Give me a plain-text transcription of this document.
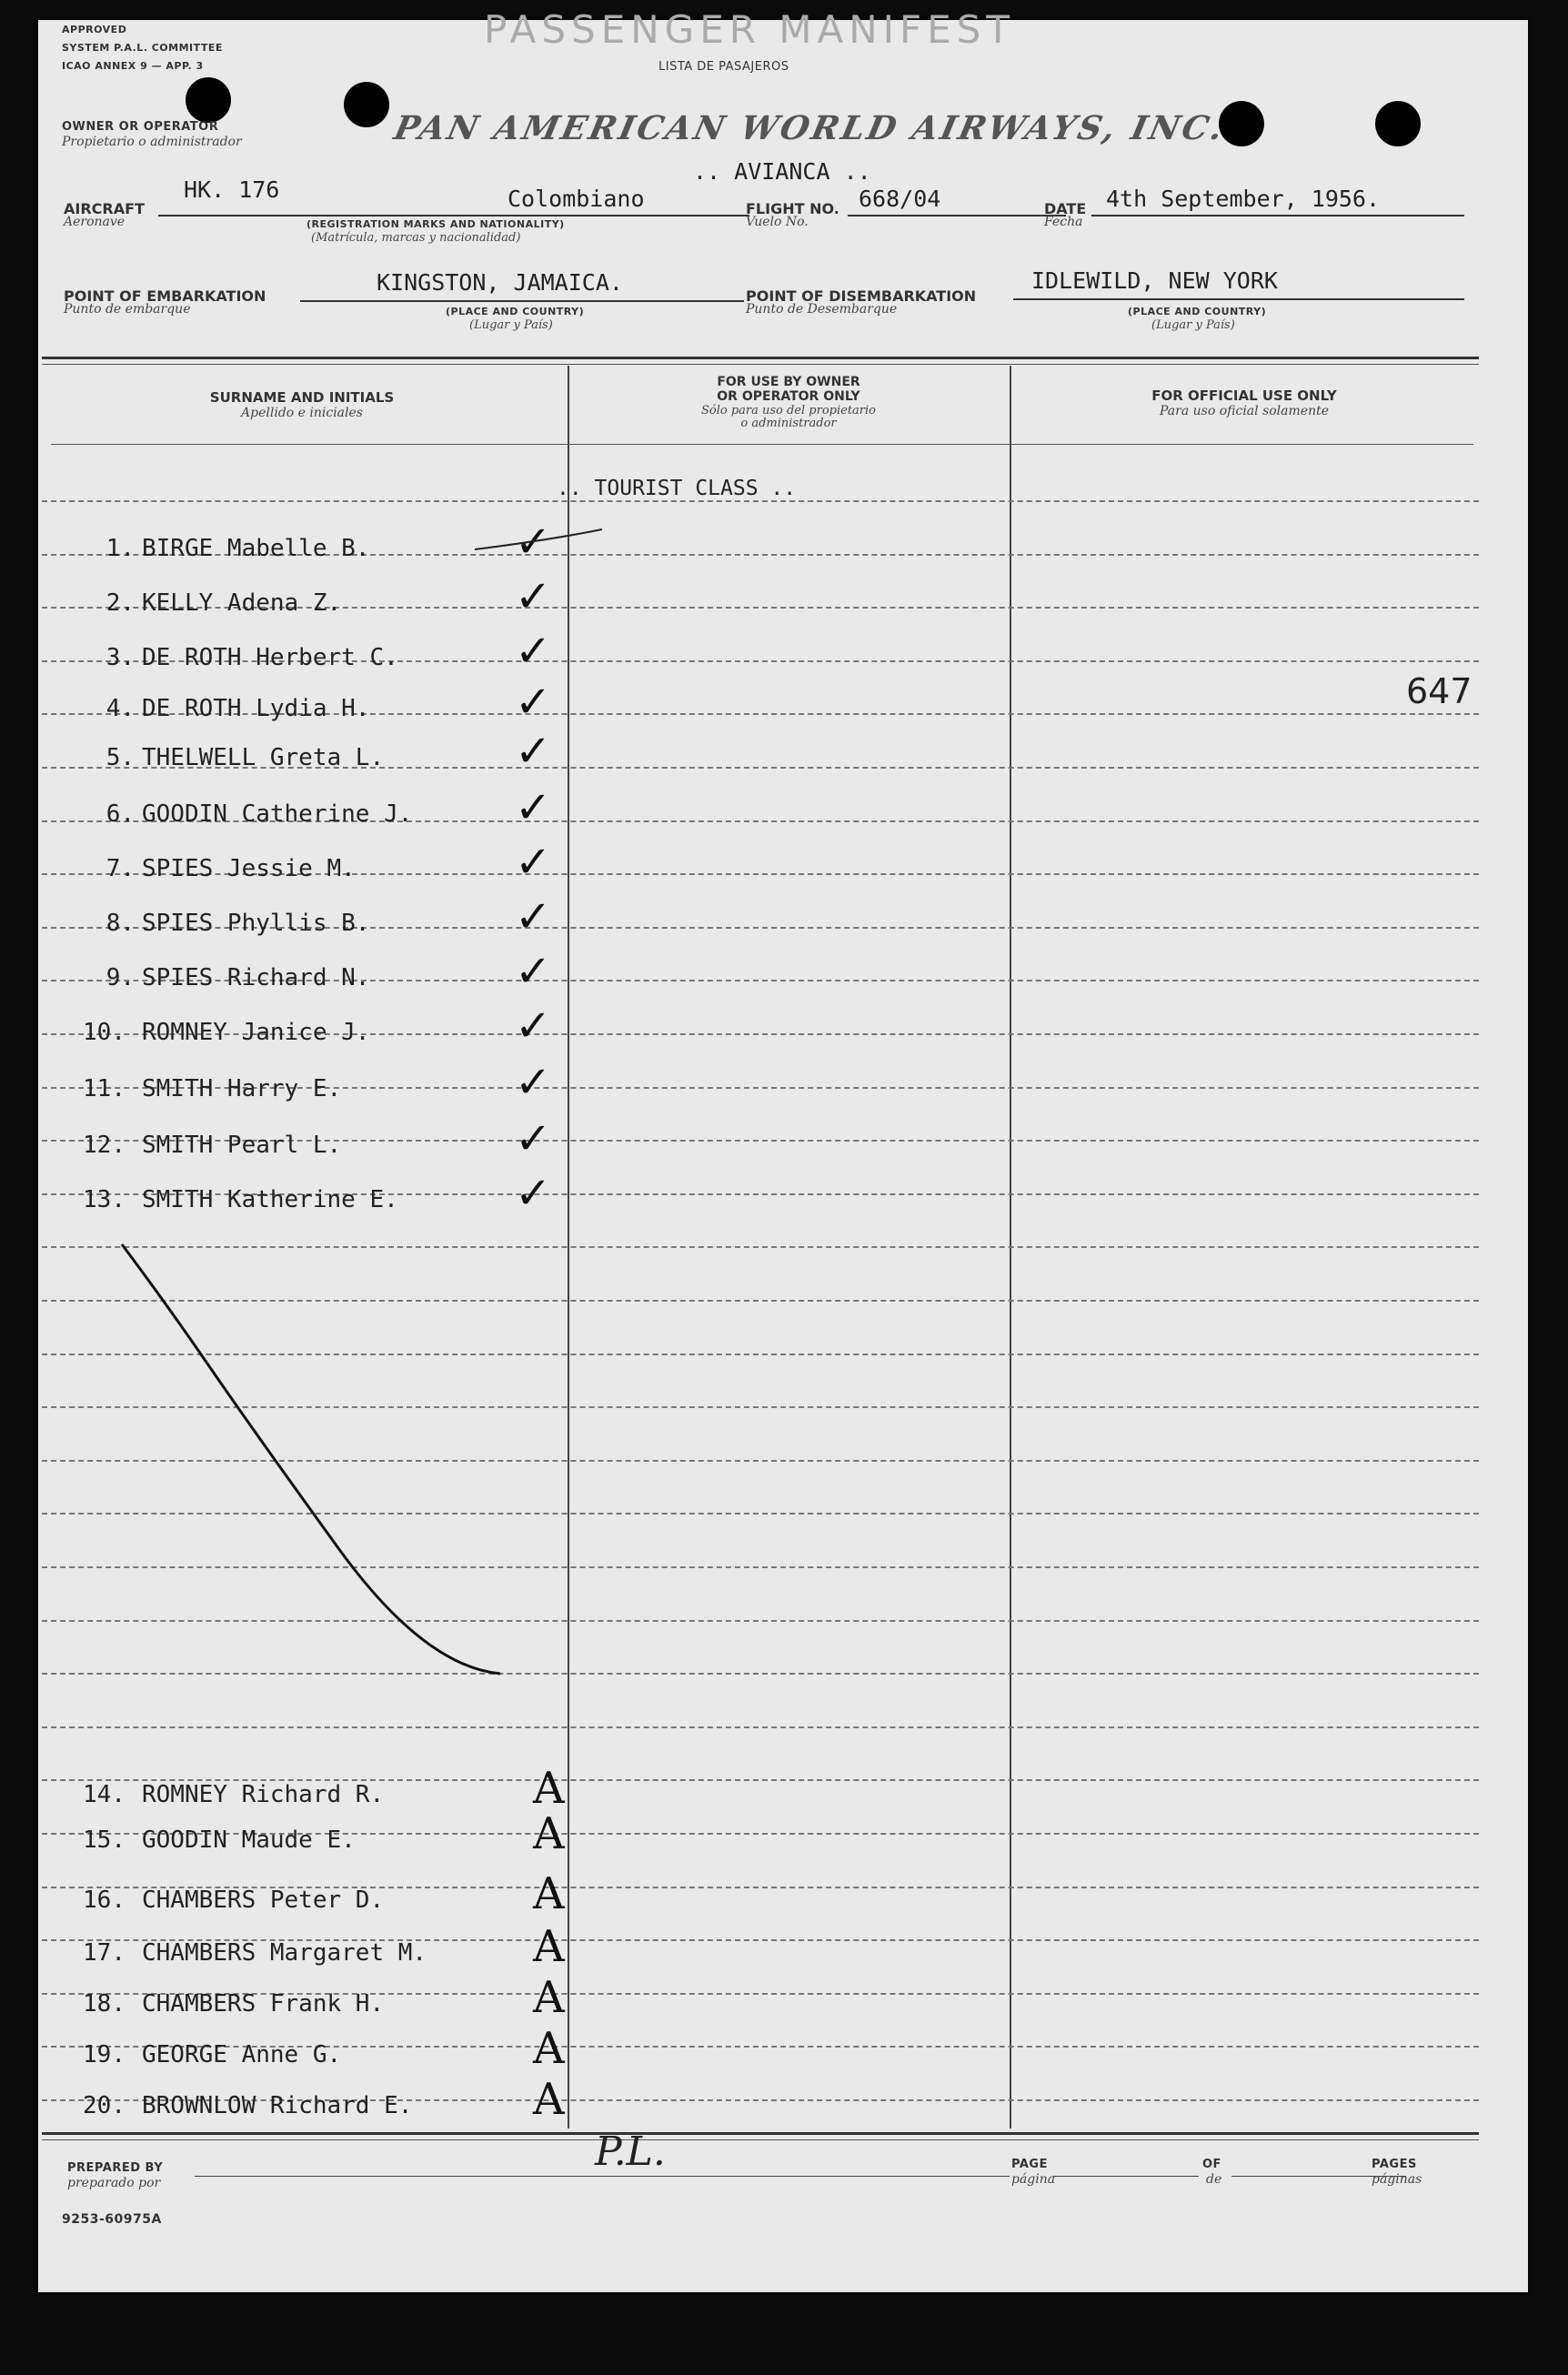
APPROVED
SYSTEM P.A.L. COMMITTEE
ICAO ANNEX 9 — APP. 3
PASSENGER MANIFEST
LISTA DE PASAJEROS
OWNER OR OPERATOR
Propietario o administrador	PAN AMERICAN WORLD AIRWAYS, INC.
.. AVIANCA ..
AIRCRAFT
Aeronave
HK. 176	Colombiano
(REGISTRATION MARKS AND NATIONALITY)
(Matrícula, marcas y nacionalidad)
FLIGHT NO.
Vuelo No.
668/04	DATE
Fecha
4th September, 1956.
POINT OF EMBARKATION
Punto de embarque
KINGSTON, JAMAICA.
(PLACE AND COUNTRY)
(Lugar y País)
POINT OF DISEMBARKATION
Punto de Desembarque
IDLEWILD, NEW YORK
(PLACE AND COUNTRY)
(Lugar y País)
SURNAME AND INITIALS
Apellido e iniciales
FOR USE BY OWNER
OR OPERATOR ONLY
Sólo para uso del propietario
o administrador
FOR OFFICIAL USE ONLY
Para uso oficial solamente
.. TOURIST CLASS ..
647
1. BIRGE Mabelle B.	✓
2. KELLY Adena Z.	✓
3. DE ROTH Herbert C.	✓
4. DE ROTH Lydia H.	✓
5. THELWELL Greta L.	✓
6. GOODIN Catherine J. ✓
7. SPIES Jessie M.	✓
8. SPIES Phyllis B.	✓
9. SPIES Richard N.	✓
10. ROMNEY Janice J.	✓
11. SMITH Harry E.	✓
12. SMITH Pearl L.	✓
13. SMITH Katherine E.	✓
14. ROMNEY Richard R.	A
15. GOODIN Maude E.	A
16. CHAMBERS Peter D.	A
17. CHAMBERS Margaret M. A
18. CHAMBERS Frank H.	A
19. GEORGE Anne G.	A
20. BROWNLOW Richard E.	A
PREPARED BY
preparado por
P.L.	PAGE
página
OF
de
PAGES
páginas
9253-60975A
